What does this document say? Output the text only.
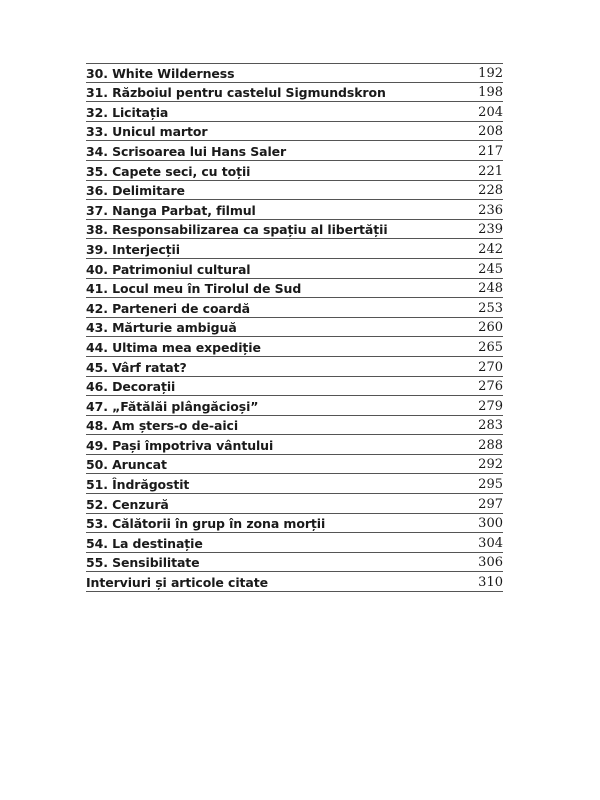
30. White Wilderness	192
31. Războiul pentru castelul Sigmundskron	198
32. Licitația	204
33. Unicul martor	208
34. Scrisoarea lui Hans Saler	217
35. Capete seci, cu toții	221
36. Delimitare	228
37. Nanga Parbat, filmul	236
38. Responsabilizarea ca spațiu al libertății	239
39. Interjecții	242
40. Patrimoniul cultural	245
41. Locul meu în Tirolul de Sud	248
42. Parteneri de coardă	253
43. Mărturie ambiguă	260
44. Ultima mea expediție	265
45. Vârf ratat?	270
46. Decorații	276
47. „Fătălăi plângăcioși”	279
48. Am șters-o de-aici	283
49. Pași împotriva vântului	288
50. Aruncat	292
51. Îndrăgostit	295
52. Cenzură	297
53. Călătorii în grup în zona morții	300
54. La destinație	304
55. Sensibilitate	306
Interviuri și articole citate	310
